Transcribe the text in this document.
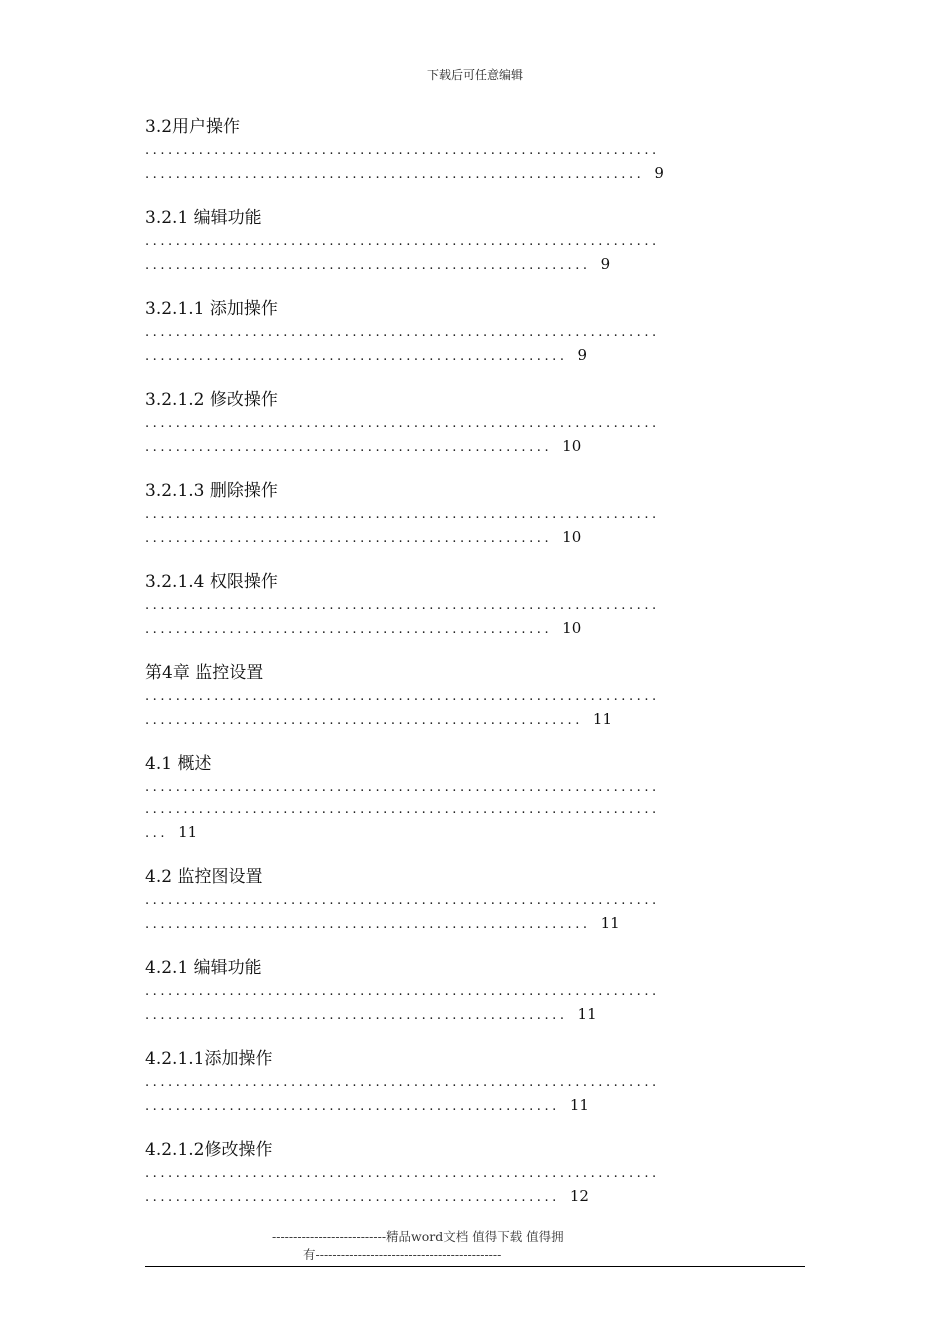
下载后可任意编辑
3.2用户操作
...................................................................
................................................................. 9
3.2.1 编辑功能
...................................................................
.......................................................... 9
3.2.1.1 添加操作
...................................................................
....................................................... 9
3.2.1.2 修改操作
...................................................................
..................................................... 10
3.2.1.3 删除操作
...................................................................
..................................................... 10
3.2.1.4 权限操作
...................................................................
..................................................... 10
第4章 监控设置
...................................................................
......................................................... 11
4.1 概述
...................................................................
...................................................................
... 11
4.2 监控图设置
...................................................................
.......................................................... 11
4.2.1 编辑功能
...................................................................
....................................................... 11
4.2.1.1添加操作
...................................................................
...................................................... 11
4.2.1.2修改操作
...................................................................
...................................................... 12
---------------------------精品word文档 值得下载 值得拥
有--------------------------------------------
